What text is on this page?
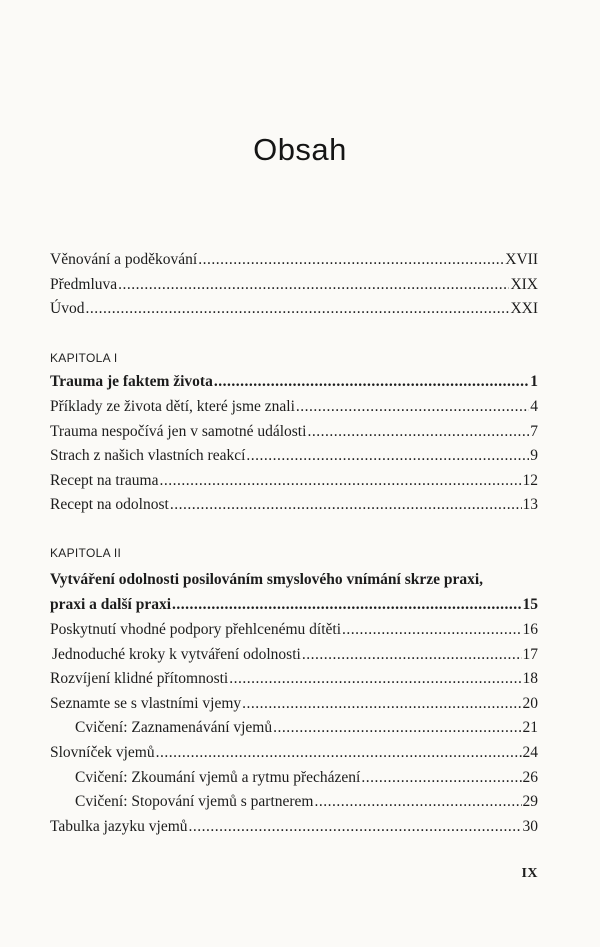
Obsah
Věnování a poděkování .....	XVII
Předmluva .....	XIX
Úvod .....	XXI
KAPITOLA I
Trauma je faktem života .....	1
Příklady ze života dětí, které jsme znali .....	4
Trauma nespočívá jen v samotné události .....	7
Strach z našich vlastních reakcí .....	9
Recept na trauma .....	12
Recept na odolnost .....	13
KAPITOLA II
Vytváření odolnosti posilováním smyslového vnímání skrze praxi,
praxi a další praxi .....	15
Poskytnutí vhodné podpory přehlcenému dítěti .....	16
Jednoduché kroky k vytváření odolnosti .....	17
Rozvíjení klidné přítomnosti .....	18
Seznamte se s vlastními vjemy .....	20
Cvičení: Zaznamenávání vjemů .....	21
Slovníček vjemů .....	24
Cvičení: Zkoumání vjemů a rytmu přecházení .....	26
Cvičení: Stopování vjemů s partnerem .....	29
Tabulka jazyku vjemů .....	30
IX
